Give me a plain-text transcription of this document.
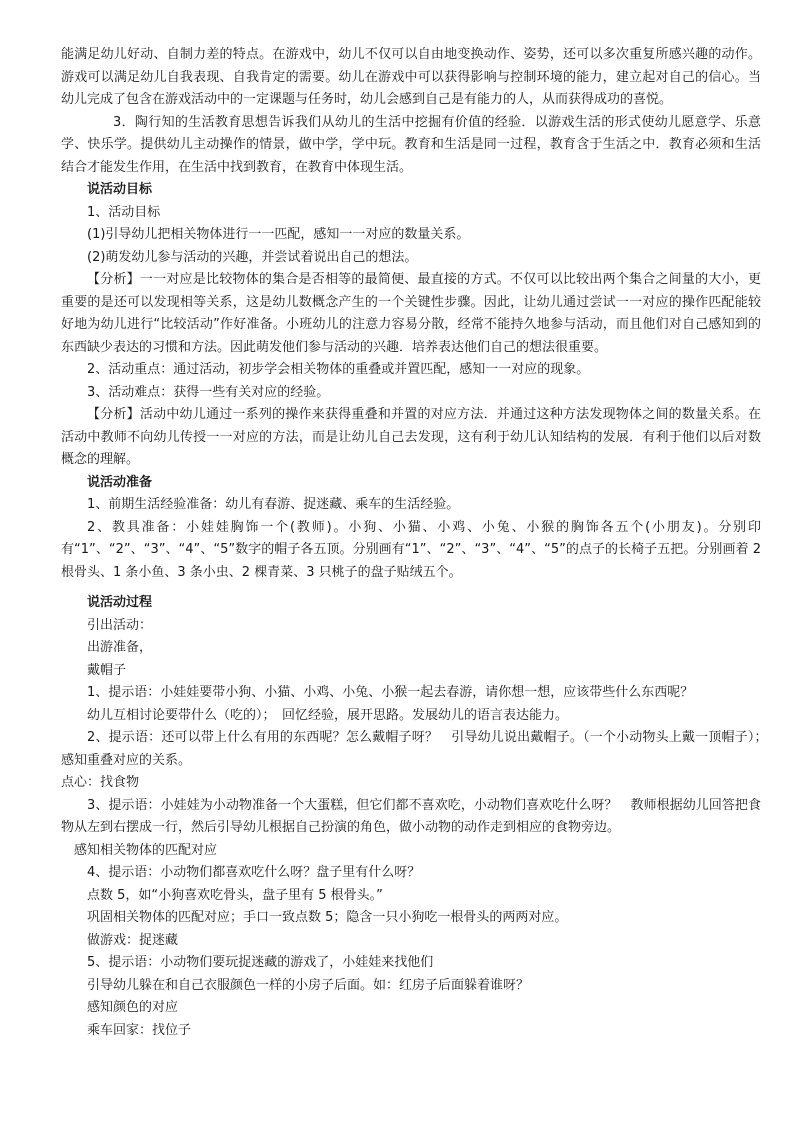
能满足幼儿好动、自制力差的特点。在游戏中，幼儿不仅可以自由地变换动作、姿势，还可以多次重复所感兴趣的动作。游戏可以满足幼儿自我表现、自我肯定的需要。幼儿在游戏中可以获得影响与控制环境的能力，建立起对自己的信心。当幼儿完成了包含在游戏活动中的一定课题与任务时，幼儿会感到自己是有能力的人，从而获得成功的喜悦。

3．陶行知的生活教育思想告诉我们从幼儿的生活中挖掘有价值的经验．以游戏生活的形式使幼儿愿意学、乐意学、快乐学。提供幼儿主动操作的情景，做中学，学中玩。教育和生活是同一过程，教育含于生活之中．教育必须和生活结合才能发生作用，在生活中找到教育，在教育中体现生活。

说活动目标

1、活动目标

(1)引导幼儿把相关物体进行一一匹配，感知一一对应的数量关系。

(2)萌发幼儿参与活动的兴趣，并尝试着说出自己的想法。

【分析】一一对应是比较物体的集合是否相等的最简便、最直接的方式。不仅可以比较出两个集合之间量的大小，更重要的是还可以发现相等关系，这是幼儿数概念产生的一个关键性步骤。因此，让幼儿通过尝试一一对应的操作匹配能较好地为幼儿进行“比较活动”作好准备。小班幼儿的注意力容易分散，经常不能持久地参与活动，而且他们对自己感知到的东西缺少表达的习惯和方法。因此萌发他们参与活动的兴趣．培养表达他们自己的想法很重要。

2、活动重点：通过活动，初步学会相关物体的重叠或并置匹配，感知一一对应的现象。

3、活动难点：获得一些有关对应的经验。

【分析】活动中幼儿通过一系列的操作来获得重叠和并置的对应方法．并通过这种方法发现物体之间的数量关系。在活动中教师不向幼儿传授一一对应的方法，而是让幼儿自己去发现，这有利于幼儿认知结构的发展．有利于他们以后对数概念的理解。

说活动准备

1、前期生活经验准备：幼儿有春游、捉迷藏、乘车的生活经验。

2、教具准备：小娃娃胸饰一个(教师)。小狗、小猫、小鸡、小兔、小猴的胸饰各五个(小朋友)。分别印有“1”、“2”、“3”、“4”、“5”数字的帽子各五顶。分别画有“1”、“2”、“3”、“4”、“5”的点子的长椅子五把。分别画着 2 根骨头、1 条小鱼、3 条小虫、2 棵青菜、3 只桃子的盘子贴绒五个。

说活动过程

引出活动：

出游准备，

戴帽子

1、提示语：小娃娃要带小狗、小猫、小鸡、小兔、小猴一起去春游，请你想一想，应该带些什么东西呢？

幼儿互相讨论要带什么（吃的）；　回忆经验，展开思路。发展幼儿的语言表达能力。

2、提示语：还可以带上什么有用的东西呢？怎么戴帽子呀？　引导幼儿说出戴帽子。（一个小动物头上戴一顶帽子）；　感知重叠对应的关系。

点心：找食物

3、提示语：小娃娃为小动物准备一个大蛋糕，但它们都不喜欢吃，小动物们喜欢吃什么呀？　教师根据幼儿回答把食物从左到右摆成一行，然后引导幼儿根据自己扮演的角色，做小动物的动作走到相应的食物旁边。

感知相关物体的匹配对应

4、提示语：小动物们都喜欢吃什么呀？盘子里有什么呀？

点数 5，如“小狗喜欢吃骨头，盘子里有 5 根骨头。”

巩固相关物体的匹配对应；手口一致点数 5；隐含一只小狗吃一根骨头的两两对应。

做游戏：捉迷藏

5、提示语：小动物们要玩捉迷藏的游戏了，小娃娃来找他们

引导幼儿躲在和自己衣服颜色一样的小房子后面。如：红房子后面躲着谁呀？

感知颜色的对应

乘车回家：找位子
